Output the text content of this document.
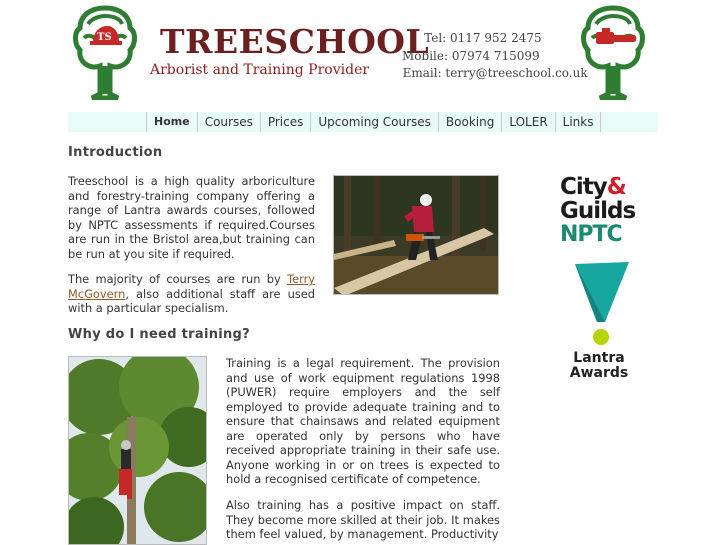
TS TREESCHOOL
Arborist and Training Provider
Tel: 0117 952 2475
Mobile: 07974 715099
Email: terry@treeschool.co.uk
Home	Courses	Prices	Upcoming Courses	Booking	LOLER	Links
Introduction

Treeschool is a high quality arboriculture and forestry-training company offering a range of Lantra awards courses, followed by NPTC assessments if required.Courses are run in the Bristol area,but training can be run at you site if required.

The majority of courses are run by Terry McGovern, also additional staff are used with a particular specialism.

Why do I need training?

Training is a legal requirement. The provision and use of work equipment regulations 1998 (PUWER) require employers and the self employed to provide adequate training and to ensure that chainsaws and related equipment are operated only by persons who have received appropriate training in their safe use. Anyone working in or on trees is expected to hold a recognised certificate of competence.

Also training has a positive impact on staff. They become more skilled at their job. It makes them feel valued, by management. Productivity

City&
Guilds
NPTC
Lantra
Awards
